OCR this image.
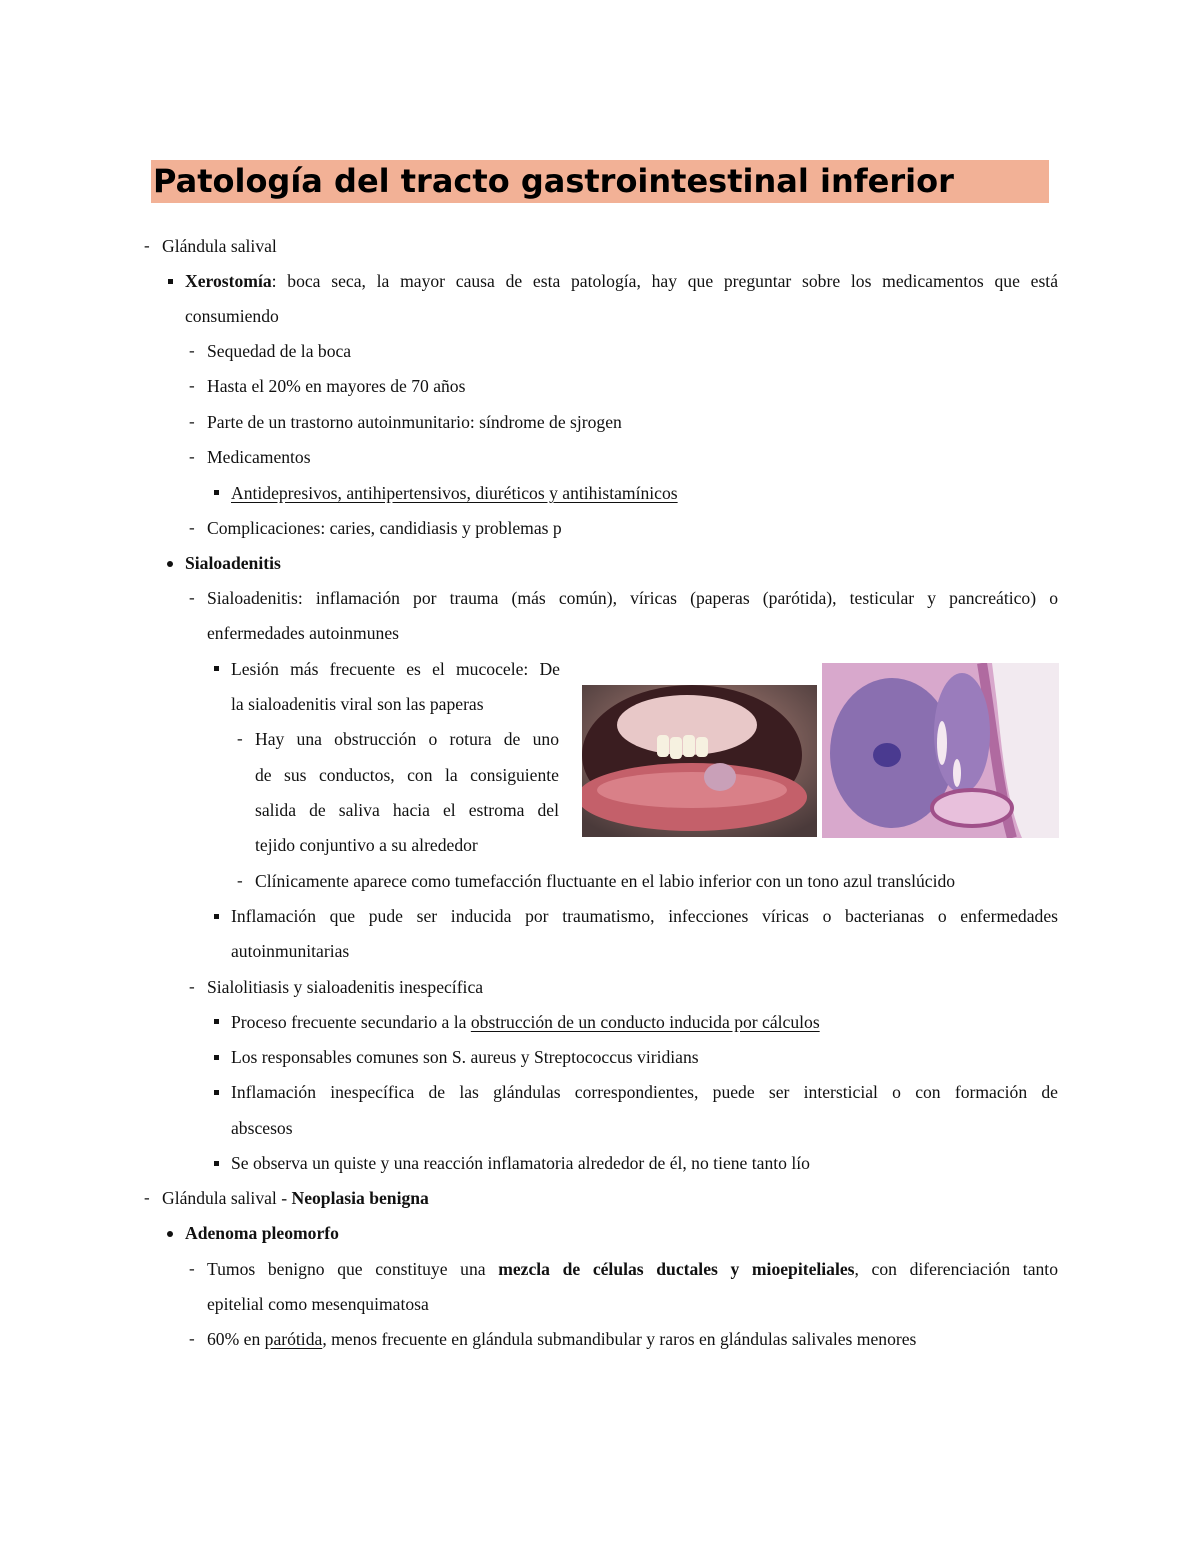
Patología del tracto gastrointestinal inferior
- Glándula salival
Xerostomía: boca seca, la mayor causa de esta patología, hay que preguntar sobre los medicamentos que está
consumiendo
- Sequedad de la boca
- Hasta el 20% en mayores de 70 años
- Parte de un trastorno autoinmunitario: síndrome de sjrogen
- Medicamentos
Antidepresivos, antihipertensivos, diuréticos y antihistamínicos
- Complicaciones: caries, candidiasis y problemas p
Sialoadenitis
- Sialoadenitis: inflamación por trauma (más común), víricas (paperas (parótida), testicular y pancreático) o
enfermedades autoinmunes
Lesión más frecuente es el mucocele: De
la sialoadenitis viral son las paperas
- Hay una obstrucción o rotura de uno
de sus conductos, con la consiguiente
salida de saliva hacia el estroma del
tejido conjuntivo a su alrededor
- Clínicamente aparece como tumefacción fluctuante en el labio inferior con un tono azul translúcido
Inflamación que pude ser inducida por traumatismo, infecciones víricas o bacterianas o enfermedades
autoinmunitarias
- Sialolitiasis y sialoadenitis inespecífica
Proceso frecuente secundario a la obstrucción de un conducto inducida por cálculos
Los responsables comunes son S. aureus y Streptococcus viridians
Inflamación inespecífica de las glándulas correspondientes, puede ser intersticial o con formación de
abscesos
Se observa un quiste y una reacción inflamatoria alrededor de él, no tiene tanto lío
- Glándula salival - Neoplasia benigna
Adenoma pleomorfo
- Tumos benigno que constituye una mezcla de células ductales y mioepiteliales, con diferenciación tanto
epitelial como mesenquimatosa
- 60% en parótida, menos frecuente en glándula submandibular y raros en glándulas salivales menores
